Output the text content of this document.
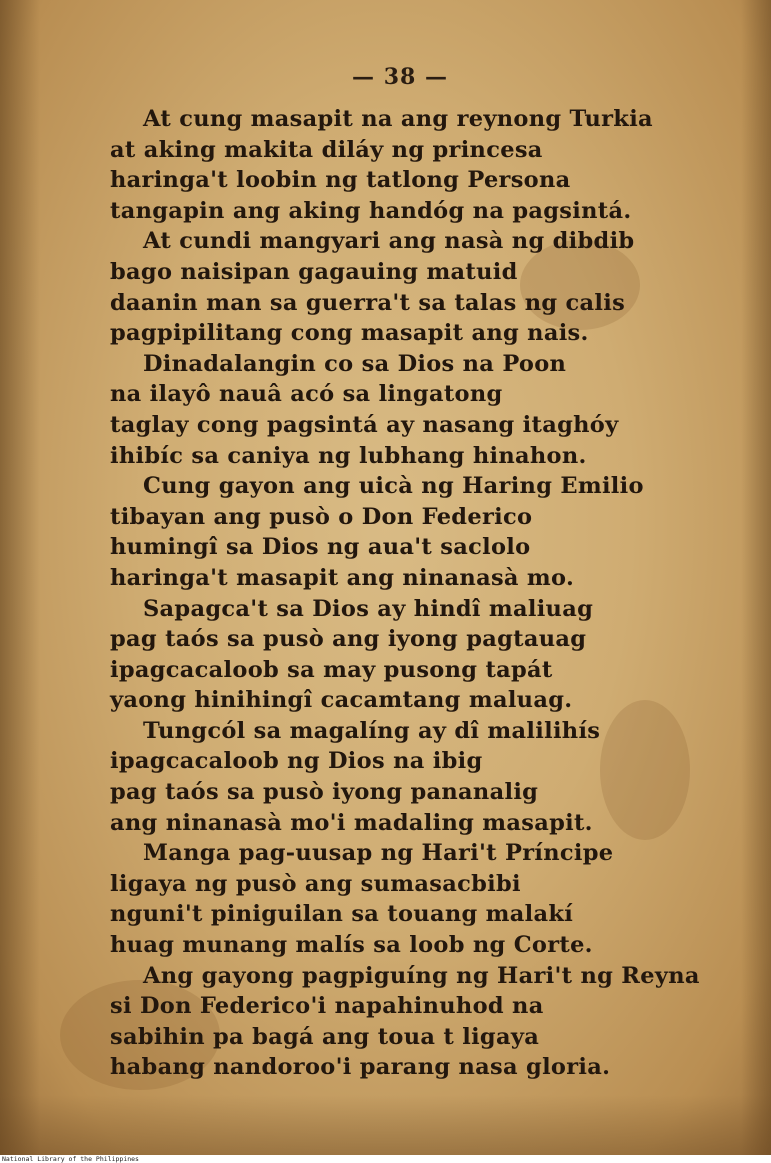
— 38 —
At cung masapit na ang reynong Turkia
at aking makita diláy ng princesa
haringa't loobin ng tatlong Persona
tangapin ang aking handóg na pagsintá.
At cundi mangyari ang nasà ng dibdib
bago naisipan gagauing matuid
daanin man sa guerra't sa talas ng calis
pagpipilitang cong masapit ang nais.
Dinadalangin co sa Dios na Poon
na ilayô nauâ acó sa lingatong
taglay cong pagsintá ay nasang itaghóy
ihibíc sa caniya ng lubhang hinahon.
Cung gayon ang uicà ng Haring Emilio
tibayan ang pusò o Don Federico
humingî sa Dios ng aua't saclolo
haringa't masapit ang ninanasà mo.
Sapagca't sa Dios ay hindî maliuag
pag taós sa pusò ang iyong pagtauag
ipagcacaloob sa may pusong tapát
yaong hinihingî cacamtang maluag.
Tungcól sa magalíng ay dî malilihís
ipagcacaloob ng Dios na ibig
pag taós sa pusò iyong pananalig
ang ninanasà mo'i madaling masapit.
Manga pag-uusap ng Hari't Príncipe
ligaya ng pusò ang sumasacbibi
nguni't piniguilan sa touang malakí
huag munang malís sa loob ng Corte.
Ang gayong pagpiguíng ng Hari't ng Reyna
si Don Federico'i napahinuhod na
sabihin pa bagá ang toua t ligaya
habang nandoroo'i parang nasa gloria.
National Library of the Philippines
